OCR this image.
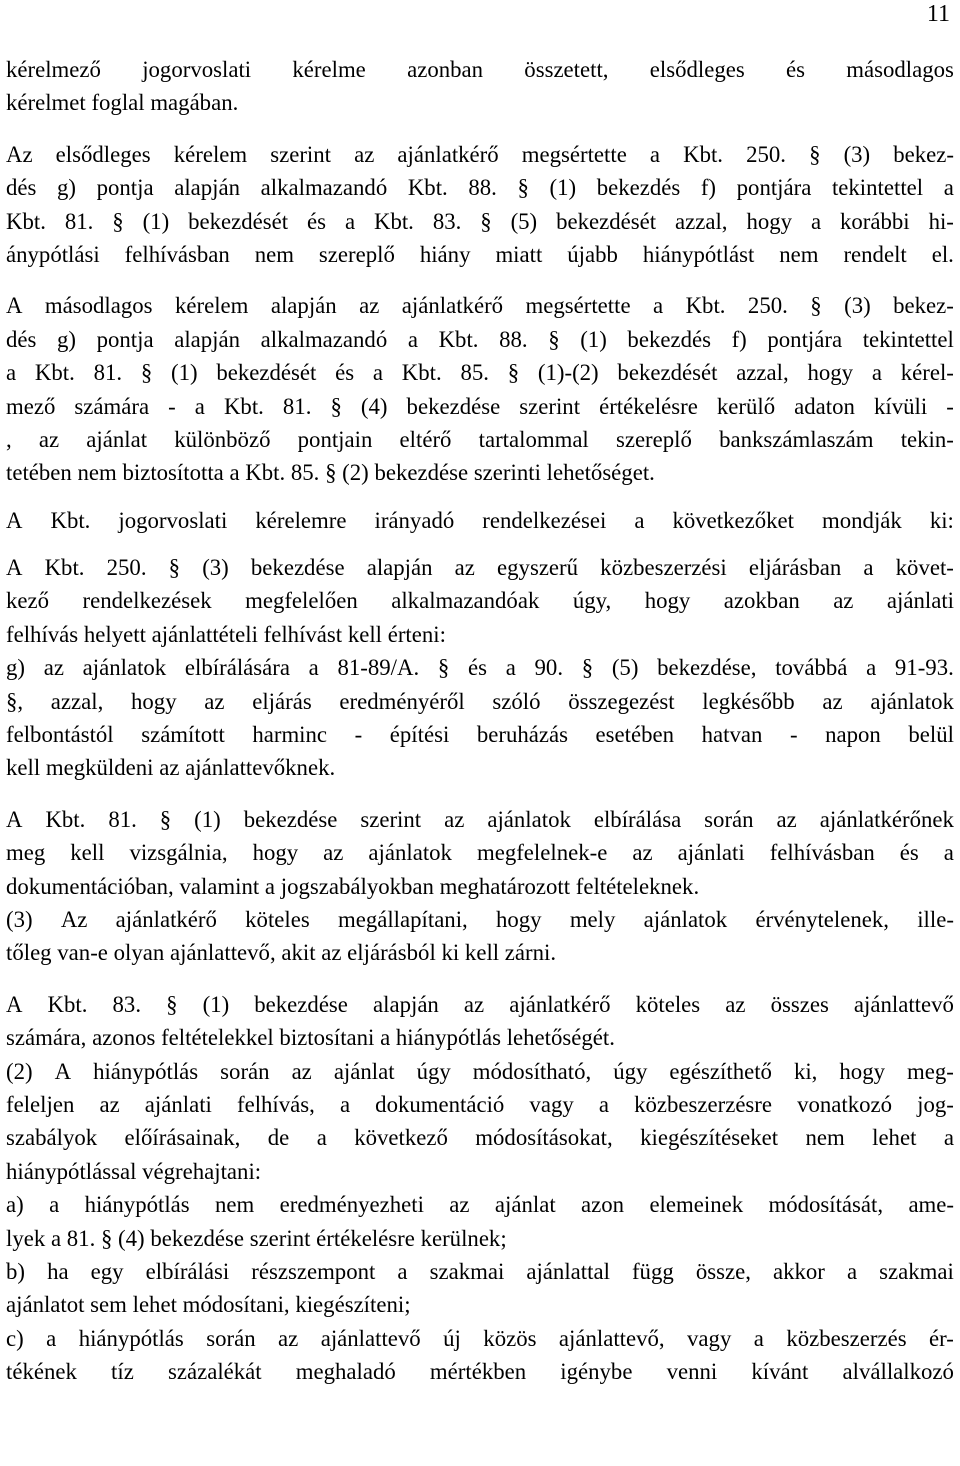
11
kérelmező jogorvoslati kérelme azonban összetett, elsődleges és másodlagos
kérelmet foglal magában.
Az elsődleges kérelem szerint az ajánlatkérő megsértette a Kbt. 250. § (3) bekez-
dés g) pontja alapján alkalmazandó Kbt. 88. § (1) bekezdés f) pontjára tekintettel a
Kbt. 81. § (1) bekezdését és a Kbt. 83. § (5) bekezdését azzal, hogy a korábbi hi-
ánypótlási felhívásban nem szereplő hiány miatt újabb hiánypótlást nem rendelt el.
A másodlagos kérelem alapján az ajánlatkérő megsértette a Kbt. 250. § (3) bekez-
dés g) pontja alapján alkalmazandó a Kbt. 88. § (1) bekezdés f) pontjára tekintettel
a Kbt. 81. § (1) bekezdését és a Kbt. 85. § (1)-(2) bekezdését azzal, hogy a kérel-
mező számára - a Kbt. 81. § (4) bekezdése szerint értékelésre kerülő adaton kívüli -
, az ajánlat különböző pontjain eltérő tartalommal szereplő bankszámlaszám tekin-
tetében nem biztosította a Kbt. 85. § (2) bekezdése szerinti lehetőséget.
A Kbt. jogorvoslati kérelemre irányadó rendelkezései a következőket mondják ki:
A Kbt. 250. § (3) bekezdése alapján az egyszerű közbeszerzési eljárásban a követ-
kező rendelkezések megfelelően alkalmazandóak úgy, hogy azokban az ajánlati
felhívás helyett ajánlattételi felhívást kell érteni:
g) az ajánlatok elbírálására a 81-89/A. § és a 90. § (5) bekezdése, továbbá a 91-93.
§, azzal, hogy az eljárás eredményéről szóló összegezést legkésőbb az ajánlatok
felbontástól számított harminc - építési beruházás esetében hatvan - napon belül
kell megküldeni az ajánlattevőknek.
A Kbt. 81. § (1) bekezdése szerint az ajánlatok elbírálása során az ajánlatkérőnek
meg kell vizsgálnia, hogy az ajánlatok megfelelnek-e az ajánlati felhívásban és a
dokumentációban, valamint a jogszabályokban meghatározott feltételeknek.
(3) Az ajánlatkérő köteles megállapítani, hogy mely ajánlatok érvénytelenek, ille-
tőleg van-e olyan ajánlattevő, akit az eljárásból ki kell zárni.
A Kbt. 83. § (1) bekezdése alapján az ajánlatkérő köteles az összes ajánlattevő
számára, azonos feltételekkel biztosítani a hiánypótlás lehetőségét.
(2) A hiánypótlás során az ajánlat úgy módosítható, úgy egészíthető ki, hogy meg-
feleljen az ajánlati felhívás, a dokumentáció vagy a közbeszerzésre vonatkozó jog-
szabályok előírásainak, de a következő módosításokat, kiegészítéseket nem lehet a
hiánypótlással végrehajtani:
a) a hiánypótlás nem eredményezheti az ajánlat azon elemeinek módosítását, ame-
lyek a 81. § (4) bekezdése szerint értékelésre kerülnek;
b) ha egy elbírálási részszempont a szakmai ajánlattal függ össze, akkor a szakmai
ajánlatot sem lehet módosítani, kiegészíteni;
c) a hiánypótlás során az ajánlattevő új közös ajánlattevő, vagy a közbeszerzés ér-
tékének tíz százalékát meghaladó mértékben igénybe venni kívánt alvállalkozó
